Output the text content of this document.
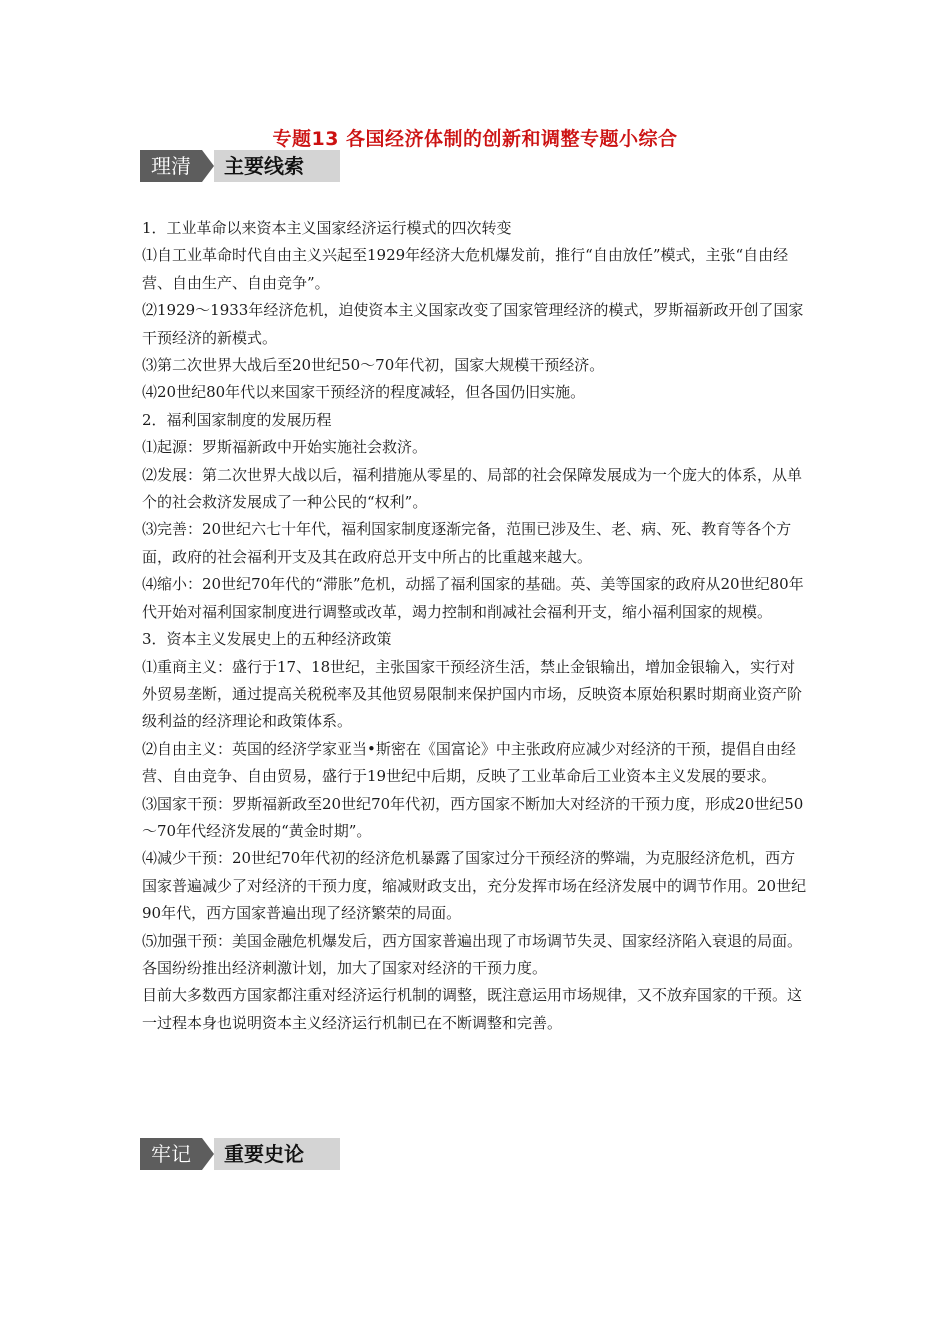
专题13 各国经济体制的创新和调整专题小综合
理清	主要线索

1．工业革命以来资本主义国家经济运行模式的四次转变

⑴自工业革命时代自由主义兴起至1929年经济大危机爆发前，推行“自由放任”模式，主张“自由经营、自由生产、自由竞争”。

⑵1929～1933年经济危机，迫使资本主义国家改变了国家管理经济的模式，罗斯福新政开创了国家干预经济的新模式。

⑶第二次世界大战后至20世纪50～70年代初，国家大规模干预经济。

⑷20世纪80年代以来国家干预经济的程度减轻，但各国仍旧实施。

2．福利国家制度的发展历程

⑴起源：罗斯福新政中开始实施社会救济。

⑵发展：第二次世界大战以后，福利措施从零星的、局部的社会保障发展成为一个庞大的体系，从单个的社会救济发展成了一种公民的“权利”。

⑶完善：20世纪六七十年代，福利国家制度逐渐完备，范围已涉及生、老、病、死、教育等各个方面，政府的社会福利开支及其在政府总开支中所占的比重越来越大。

⑷缩小：20世纪70年代的“滞胀”危机，动摇了福利国家的基础。英、美等国家的政府从20世纪80年代开始对福利国家制度进行调整或改革，竭力控制和削减社会福利开支，缩小福利国家的规模。

3．资本主义发展史上的五种经济政策

⑴重商主义：盛行于17、18世纪，主张国家干预经济生活，禁止金银输出，增加金银输入，实行对外贸易垄断，通过提高关税税率及其他贸易限制来保护国内市场，反映资本原始积累时期商业资产阶级利益的经济理论和政策体系。

⑵自由主义：英国的经济学家亚当•斯密在《国富论》中主张政府应减少对经济的干预，提倡自由经营、自由竞争、自由贸易，盛行于19世纪中后期，反映了工业革命后工业资本主义发展的要求。

⑶国家干预：罗斯福新政至20世纪70年代初，西方国家不断加大对经济的干预力度，形成20世纪50～70年代经济发展的“黄金时期”。

⑷减少干预：20世纪70年代初的经济危机暴露了国家过分干预经济的弊端，为克服经济危机，西方国家普遍减少了对经济的干预力度，缩减财政支出，充分发挥市场在经济发展中的调节作用。20世纪90年代，西方国家普遍出现了经济繁荣的局面。

⑸加强干预：美国金融危机爆发后，西方国家普遍出现了市场调节失灵、国家经济陷入衰退的局面。各国纷纷推出经济刺激计划，加大了国家对经济的干预力度。

目前大多数西方国家都注重对经济运行机制的调整，既注意运用市场规律，又不放弃国家的干预。这一过程本身也说明资本主义经济运行机制已在不断调整和完善。

牢记	重要史论
